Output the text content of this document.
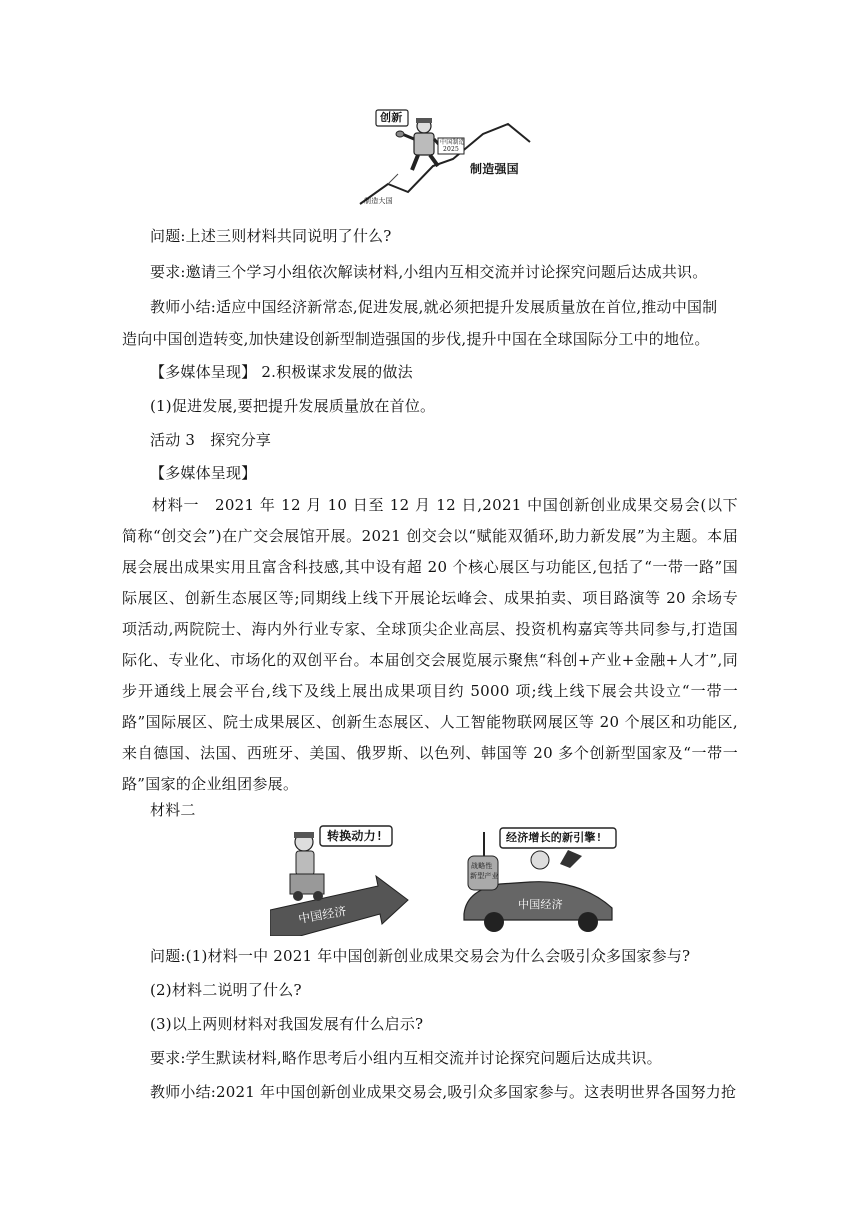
创新
中国制造
2025
制造强国
制造大国
问题:上述三则材料共同说明了什么?
要求:邀请三个学习小组依次解读材料,小组内互相交流并讨论探究问题后达成共识。
教师小结:适应中国经济新常态,促进发展,就必须把提升发展质量放在首位,推动中国制
造向中国创造转变,加快建设创新型制造强国的步伐,提升中国在全球国际分工中的地位。
【多媒体呈现】 2.积极谋求发展的做法
(1)促进发展,要把提升发展质量放在首位。
活动 3　探究分享
【多媒体呈现】
材料一　2021 年 12 月 10 日至 12 月 12 日,2021 中国创新创业成果交易会(以下简称“创交会”)在广交会展馆开展。2021 创交会以“赋能双循环,助力新发展”为主题。本届展会展出成果实用且富含科技感,其中设有超 20 个核心展区与功能区,包括了“一带一路”国际展区、创新生态展区等;同期线上线下开展论坛峰会、成果拍卖、项目路演等 20 余场专项活动,两院院士、海内外行业专家、全球顶尖企业高层、投资机构嘉宾等共同参与,打造国际化、专业化、市场化的双创平台。本届创交会展览展示聚焦“科创+产业+金融+人才”,同步开通线上展会平台,线下及线上展出成果项目约 5000 项;线上线下展会共设立“一带一路”国际展区、院士成果展区、创新生态展区、人工智能物联网展区等 20 个展区和功能区,来自德国、法国、西班牙、美国、俄罗斯、以色列、韩国等 20 多个创新型国家及“一带一路”国家的企业组团参展。
材料二
转换动力!
中国经济
经济增长的新引擎!
战略性
新型产业
中国经济
问题:(1)材料一中 2021 年中国创新创业成果交易会为什么会吸引众多国家参与?
(2)材料二说明了什么?
(3)以上两则材料对我国发展有什么启示?
要求:学生默读材料,略作思考后小组内互相交流并讨论探究问题后达成共识。
教师小结:2021 年中国创新创业成果交易会,吸引众多国家参与。这表明世界各国努力抢
